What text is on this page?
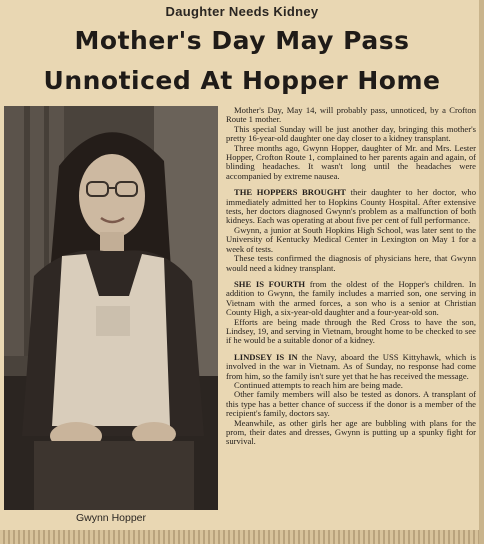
Daughter Needs Kidney
Mother's Day May Pass
Unnoticed At Hopper Home
Gwynn Hopper

Mother's Day, May 14, will probably pass, unnoticed, by a Crofton Route 1 mother.

This special Sunday will be just another day, bringing this mother's pretty 16-year-old daughter one day closer to a kidney transplant.

Three months ago, Gwynn Hopper, daughter of Mr. and Mrs. Lester Hopper, Crofton Route 1, complained to her parents again and again, of blinding headaches. It wasn't long until the headaches were accompanied by extreme nausea.

THE HOPPERS BROUGHT their daughter to her doctor, who immediately admitted her to Hopkins County Hospital. After extensive tests, her doctors diagnosed Gwynn's problem as a malfunction of both kidneys. Each was operating at about five per cent of full performance.

Gwynn, a junior at South Hopkins High School, was later sent to the University of Kentucky Medical Center in Lexington on May 1 for a week of tests.

These tests confirmed the diagnosis of physicians here, that Gwynn would need a kidney transplant.

SHE IS FOURTH from the oldest of the Hopper's children. In addition to Gwynn, the family includes a married son, one serving in Vietnam with the armed forces, a son who is a senior at Christian County High, a six-year-old daughter and a four-year-old son.

Efforts are being made through the Red Cross to have the son, Lindsey, 19, and serving in Vietnam, brought home to be checked to see if he would be a suitable donor of a kidney.

LINDSEY IS IN the Navy, aboard the USS Kittyhawk, which is involved in the war in Vietnam. As of Sunday, no response had come from him, so the family isn't sure yet that he has received the message.

Continued attempts to reach him are being made.

Other family members will also be tested as donors. A transplant of this type has a better chance of success if the donor is a member of the recipient's family, doctors say.

Meanwhile, as other girls her age are bubbling with plans for the prom, their dates and dresses, Gwynn is putting up a spunky fight for survival.
